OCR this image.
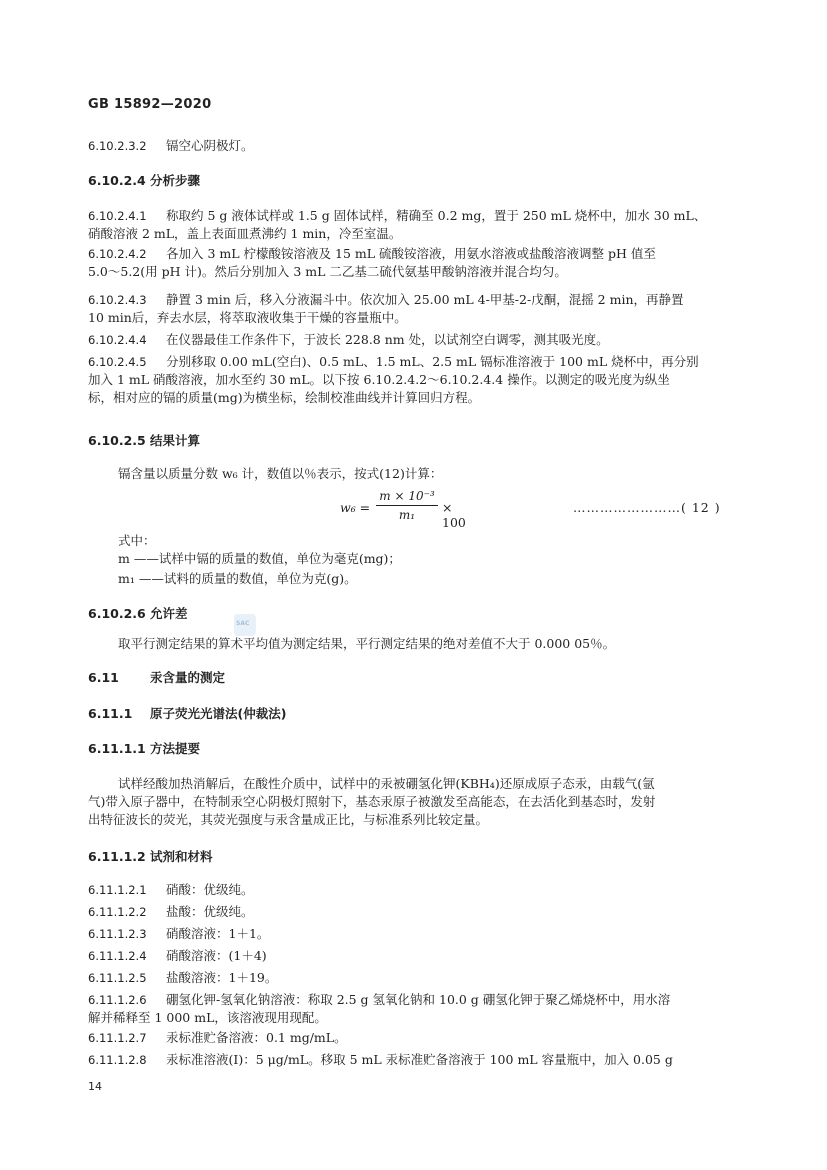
GB 15892—2020
6.10.2.3.2 镉空心阴极灯。
6.10.2.4 分析步骤
6.10.2.4.1 称取约 5 g 液体试样或 1.5 g 固体试样，精确至 0.2 mg，置于 250 mL 烧杯中，加水 30 mL、
硝酸溶液 2 mL，盖上表面皿煮沸约 1 min，冷至室温。
6.10.2.4.2 各加入 3 mL 柠檬酸铵溶液及 15 mL 硫酸铵溶液，用氨水溶液或盐酸溶液调整 pH 值至
5.0～5.2(用 pH 计)。然后分别加入 3 mL 二乙基二硫代氨基甲酸钠溶液并混合均匀。
6.10.2.4.3 静置 3 min 后，移入分液漏斗中。依次加入 25.00 mL 4-甲基-2-戊酮，混摇 2 min，再静置
10 min后，弃去水层，将萃取液收集于干燥的容量瓶中。
6.10.2.4.4 在仪器最佳工作条件下，于波长 228.8 nm 处，以试剂空白调零，测其吸光度。
6.10.2.4.5 分别移取 0.00 mL(空白)、0.5 mL、1.5 mL、2.5 mL 镉标准溶液于 100 mL 烧杯中，再分别
加入 1 mL 硝酸溶液，加水至约 30 mL。以下按 6.10.2.4.2～6.10.2.4.4 操作。以测定的吸光度为纵坐
标，相对应的镉的质量(mg)为横坐标，绘制校准曲线并计算回归方程。
6.10.2.5 结果计算
镉含量以质量分数 w₆ 计，数值以％表示，按式(12)计算：
式中：
m ——试样中镉的质量的数值，单位为毫克(mg)；
m₁ ——试料的质量的数值，单位为克(g)。
6.10.2.6 允许差
取平行测定结果的算术平均值为测定结果，平行测定结果的绝对差值不大于 0.000 05％。
6.11 汞含量的测定
6.11.1 原子荧光光谱法(仲裁法)
6.11.1.1 方法提要
试样经酸加热消解后，在酸性介质中，试样中的汞被硼氢化钾(KBH₄)还原成原子态汞，由载气(氩
气)带入原子器中，在特制汞空心阴极灯照射下，基态汞原子被激发至高能态，在去活化到基态时，发射
出特征波长的荧光，其荧光强度与汞含量成正比，与标准系列比较定量。
6.11.1.2 试剂和材料
6.11.1.2.1 硝酸：优级纯。
6.11.1.2.2 盐酸：优级纯。
6.11.1.2.3 硝酸溶液：1＋1。
6.11.1.2.4 硝酸溶液：(1＋4)
6.11.1.2.5 盐酸溶液：1＋19。
6.11.1.2.6 硼氢化钾-氢氧化钠溶液：称取 2.5 g 氢氧化钠和 10.0 g 硼氢化钾于聚乙烯烧杯中，用水溶
解并稀释至 1 000 mL，该溶液现用现配。
6.11.1.2.7 汞标准贮备溶液：0.1 mg/mL。
6.11.1.2.8 汞标准溶液(Ⅰ)：5 μg/mL。移取 5 mL 汞标准贮备溶液于 100 mL 容量瓶中，加入 0.05 g
w₆ =
m × 10⁻³
m₁	× 100
……………………( 12 )
SAC
14
